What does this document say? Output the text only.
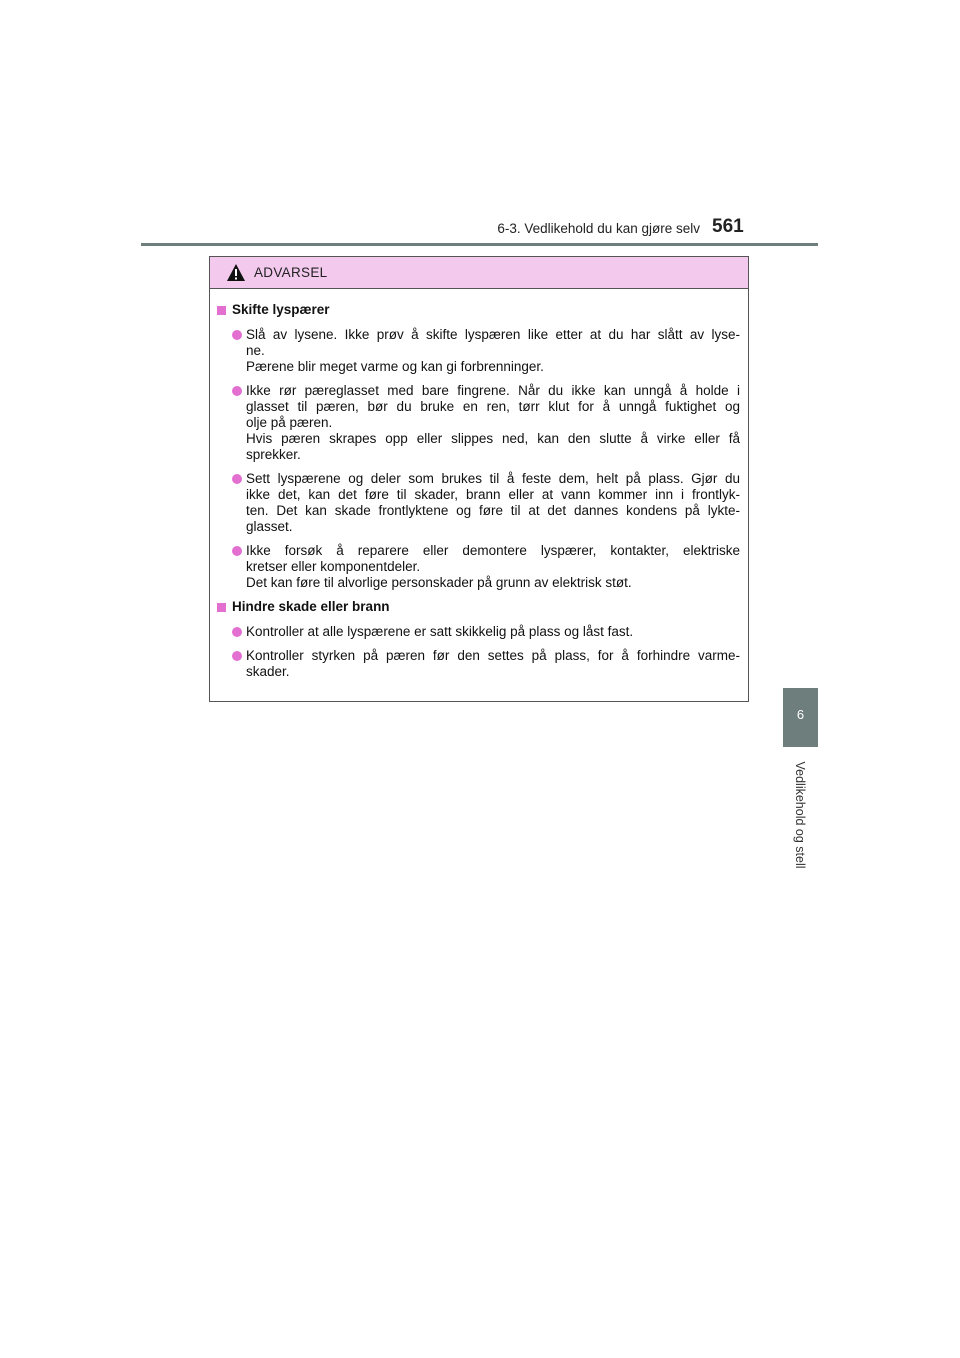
6-3. Vedlikehold du kan gjøre selv 561
6
Vedlikehold og stell
ADVARSEL
Skifte lyspærer
Slå av lysene. Ikke prøv å skifte lyspæren like etter at du har slått av lyse-
ne.
Pærene blir meget varme og kan gi forbrenninger.
Ikke rør pæreglasset med bare fingrene. Når du ikke kan unngå å holde i
glasset til pæren, bør du bruke en ren, tørr klut for å unngå fuktighet og
olje på pæren.
Hvis pæren skrapes opp eller slippes ned, kan den slutte å virke eller få
sprekker.
Sett lyspærene og deler som brukes til å feste dem, helt på plass. Gjør du
ikke det, kan det føre til skader, brann eller at vann kommer inn i frontlyk-
ten. Det kan skade frontlyktene og føre til at det dannes kondens på lykte-
glasset.
Ikke forsøk å reparere eller demontere lyspærer, kontakter, elektriske
kretser eller komponentdeler.
Det kan føre til alvorlige personskader på grunn av elektrisk støt.
Hindre skade eller brann
Kontroller at alle lyspærene er satt skikkelig på plass og låst fast.
Kontroller styrken på pæren før den settes på plass, for å forhindre varme-
skader.
